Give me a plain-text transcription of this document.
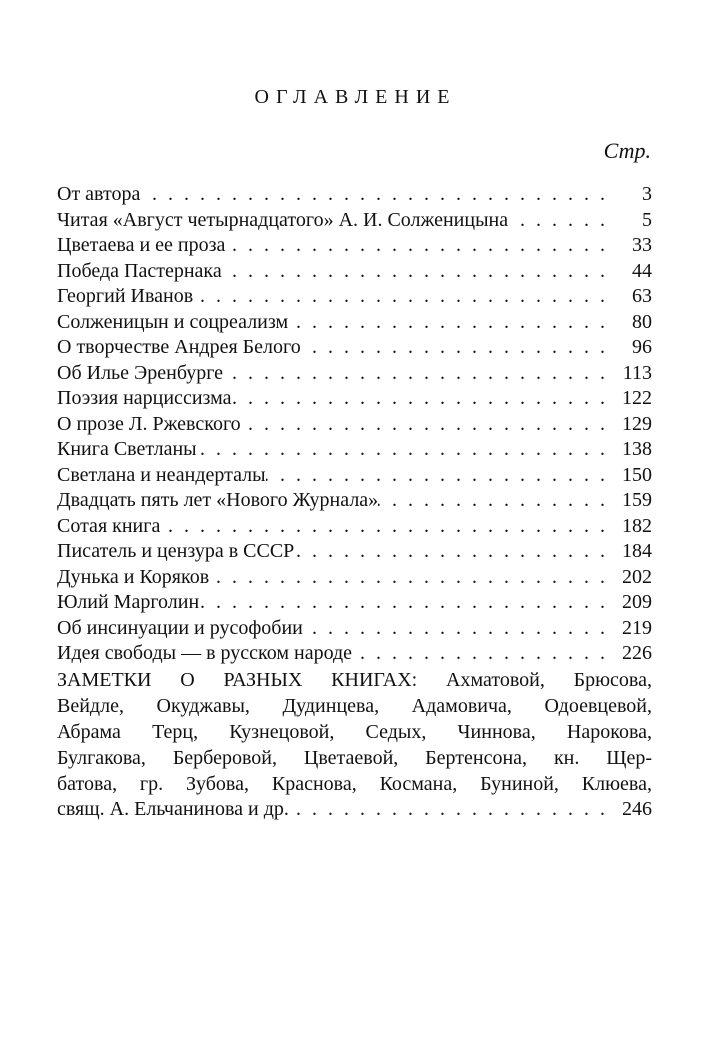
ОГЛАВЛЕНИЕ
Стр.
От автора . . .	3
Читая «Август четырнадцатого» А. И. Солженицына . . .	5
Цветаева и ее проза . . .	33
Победа Пастернака . . .	44
Георгий Иванов . . .	63
Солженицын и соцреализм . . .	80
О творчестве Андрея Белого . . .	96
Об Илье Эренбурге . . .	113
Поэзия нарциссизма . . .	122
О прозе Л. Ржевского . . .	129
Книга Светланы . . .	138
Светлана и неандерталы . . .	150
Двадцать пять лет «Нового Журнала» . . .	159
Сотая книга . . .	182
Писатель и цензура в СССР . . .	184
Дунька и Коряков . . .	202
Юлий Марголин . . .	209
Об инсинуации и русофобии . . .	219
Идея свободы — в русском народе . . .	226
ЗАМЕТКИ О РАЗНЫХ КНИГАХ: Ахматовой, Брюсова,
Вейдле, Окуджавы, Дудинцева, Адамовича, Одоевцевой,
Абрама Терц, Кузнецовой, Седых, Чиннова, Нарокова,
Булгакова, Берберовой, Цветаевой, Бертенсона, кн. Щер-
батова, гр. Зубова, Краснова, Космана, Буниной, Клюева,
свящ. А. Ельчанинова и др. . . .	246
